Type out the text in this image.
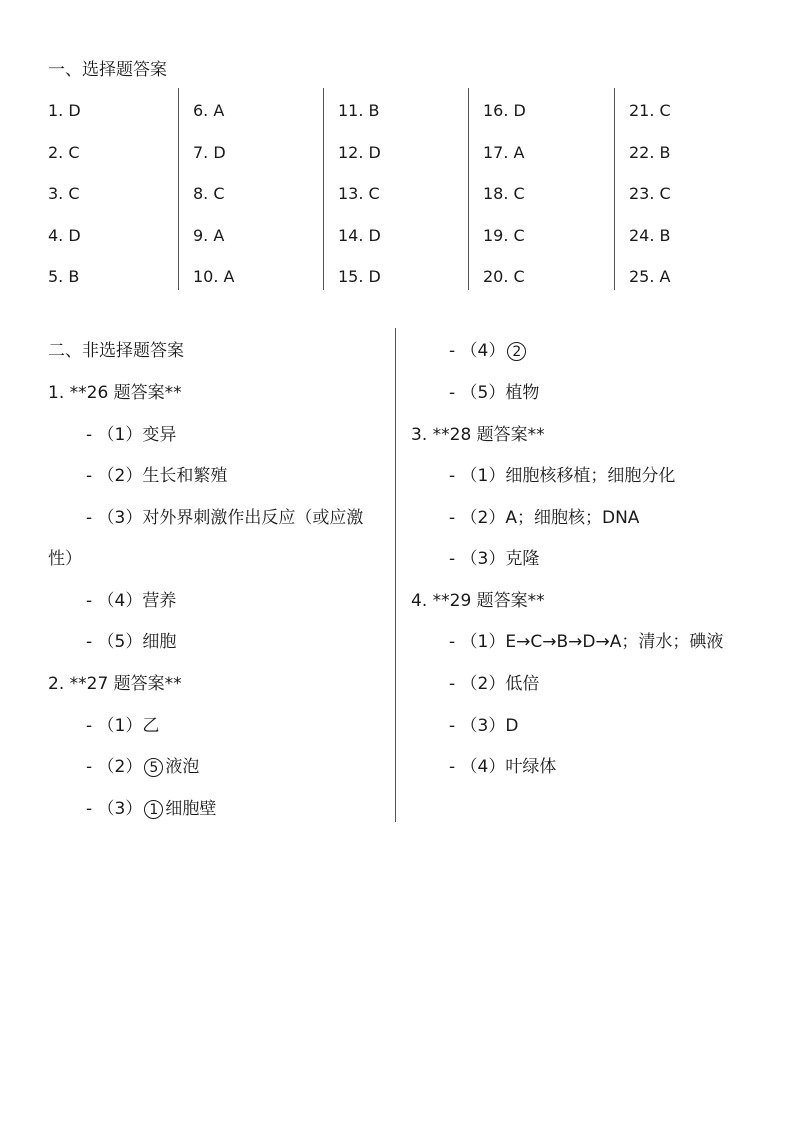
一、选择题答案
1. D
2. C
3. C
4. D
5. B
6. A
7. D
8. C
9. A
10. A
11. B
12. D
13. C
14. D
15. D
16. D
17. A
18. C
19. C
20. C
21. C
22. B
23. C
24. B
25. A
二、非选择题答案
1. **26 题答案**
- （1）变异
- （2）生长和繁殖
- （3）对外界刺激作出反应（或应激
性）
- （4）营养
- （5）细胞
2. **27 题答案**
- （1）乙
- （2） 5 液泡
- （3） 1 细胞壁
- （4） 2
- （5）植物
3. **28 题答案**
- （1）细胞核移植；细胞分化
- （2）A；细胞核；DNA
- （3）克隆
4. **29 题答案**
- （1）E→C→B→D→A；清水；碘液
- （2）低倍
- （3）D
- （4）叶绿体
